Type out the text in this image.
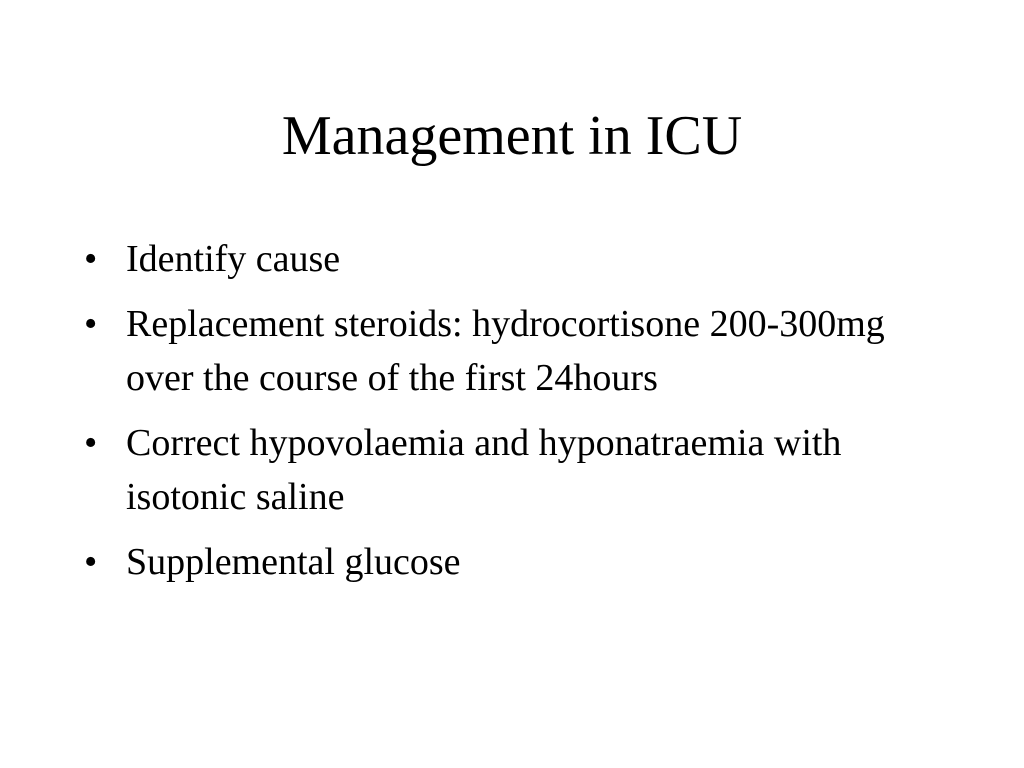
Management in ICU
• Identify cause
• Replacement steroids: hydrocortisone 200-300mg over the course of the first 24hours
• Correct hypovolaemia and hyponatraemia with isotonic saline
• Supplemental glucose
